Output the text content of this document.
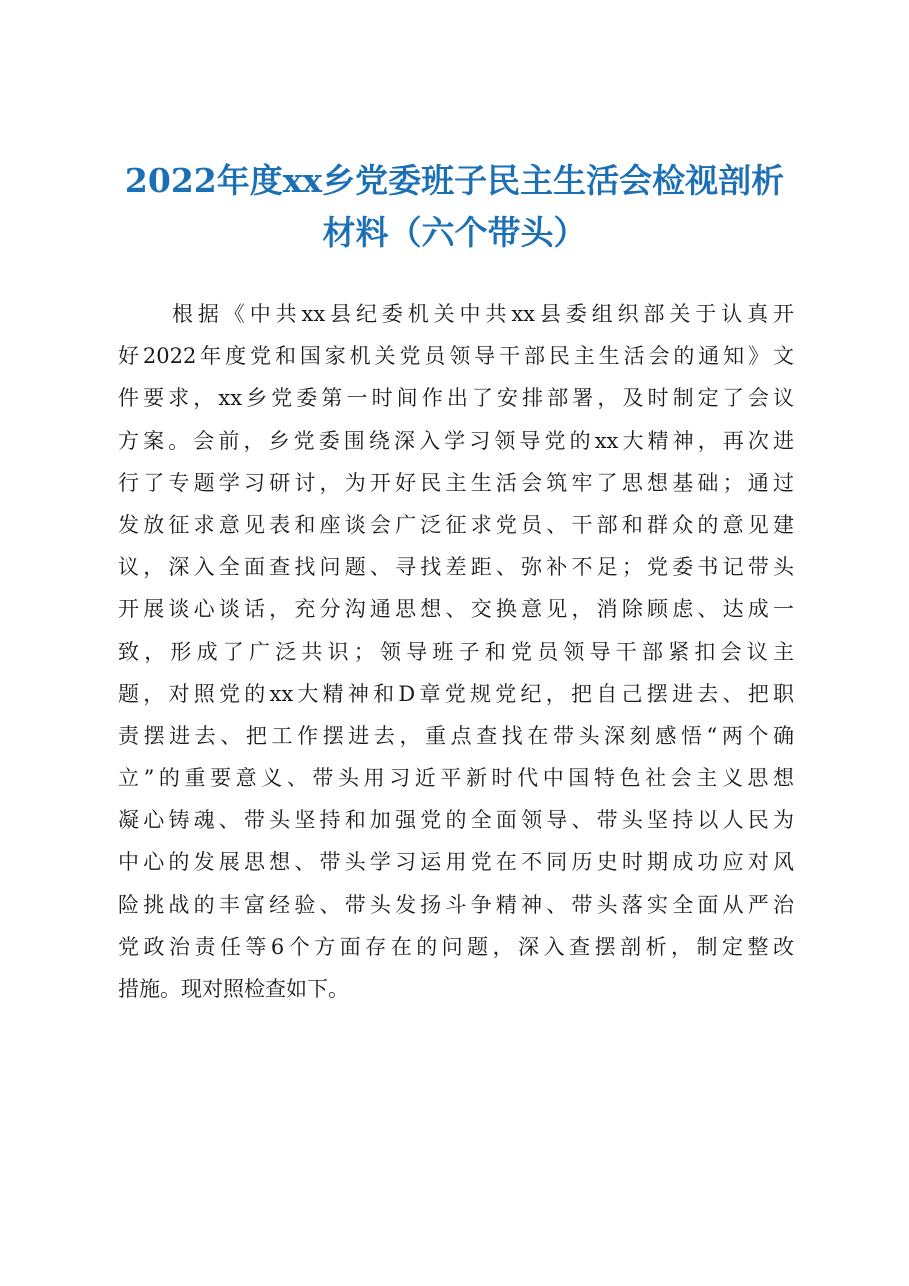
2022年度xx乡党委班子民主生活会检视剖析
材料（六个带头）
根据《中共xx县纪委机关中共xx县委组织部关于认真开
好2022年度党和国家机关党员领导干部民主生活会的通知》文
件要求，xx乡党委第一时间作出了安排部署，及时制定了会议
方案。会前，乡党委围绕深入学习领导党的xx大精神，再次进
行了专题学习研讨，为开好民主生活会筑牢了思想基础；通过
发放征求意见表和座谈会广泛征求党员、干部和群众的意见建
议，深入全面查找问题、寻找差距、弥补不足；党委书记带头
开展谈心谈话，充分沟通思想、交换意见，消除顾虑、达成一
致，形成了广泛共识；领导班子和党员领导干部紧扣会议主
题，对照党的xx大精神和D章党规党纪，把自己摆进去、把职
责摆进去、把工作摆进去，重点查找在带头深刻感悟“两个确
立”的重要意义、带头用习近平新时代中国特色社会主义思想
凝心铸魂、带头坚持和加强党的全面领导、带头坚持以人民为
中心的发展思想、带头学习运用党在不同历史时期成功应对风
险挑战的丰富经验、带头发扬斗争精神、带头落实全面从严治
党政治责任等6个方面存在的问题，深入查摆剖析，制定整改
措施。现对照检查如下。
